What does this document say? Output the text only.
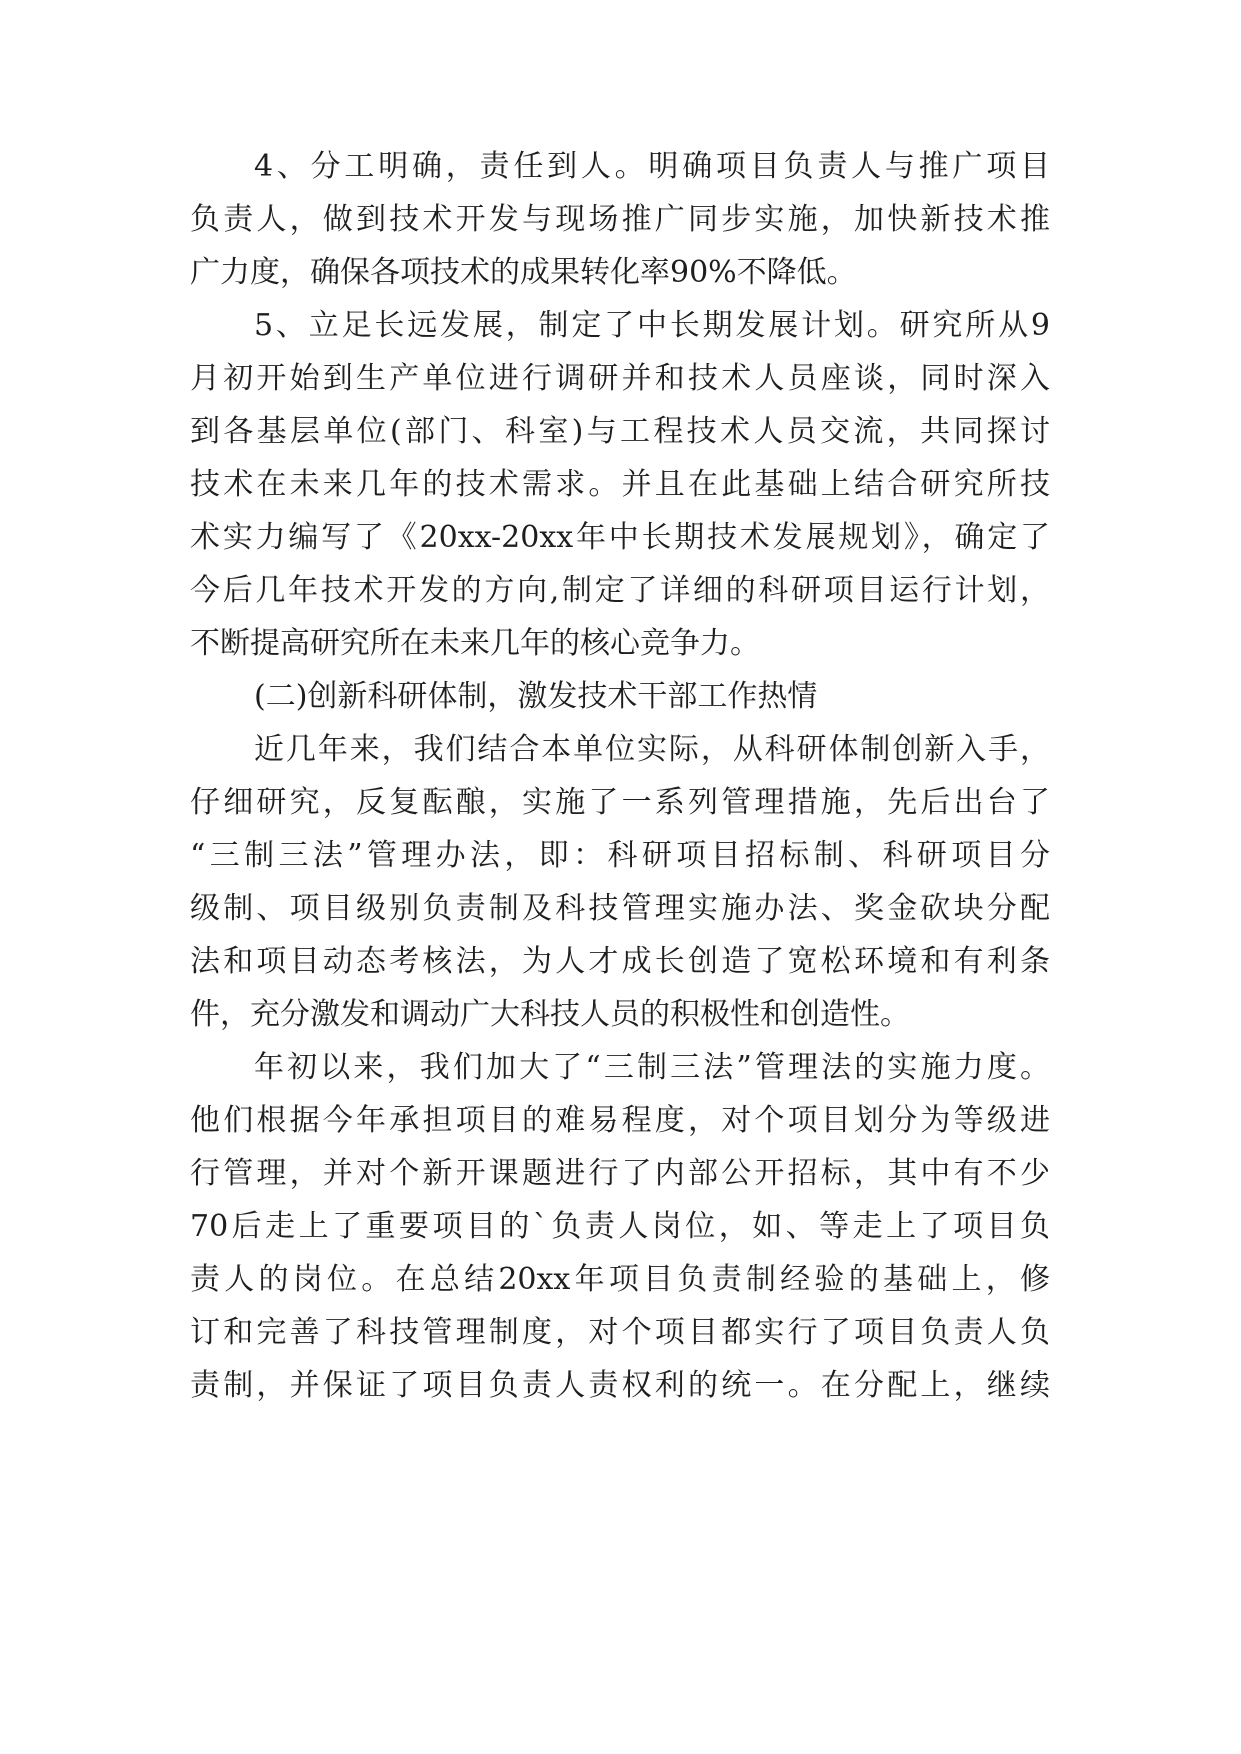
4、分工明确，责任到人。明确项目负责人与推广项目
负责人，做到技术开发与现场推广同步实施，加快新技术推
广力度，确保各项技术的成果转化率90%不降低。
5、立足长远发展，制定了中长期发展计划。研究所从9
月初开始到生产单位进行调研并和技术人员座谈，同时深入
到各基层单位(部门、科室)与工程技术人员交流，共同探讨
技术在未来几年的技术需求。并且在此基础上结合研究所技
术实力编写了《20xx-20xx年中长期技术发展规划》，确定了
今后几年技术开发的方向,制定了详细的科研项目运行计划，
不断提高研究所在未来几年的核心竞争力。
(二)创新科研体制，激发技术干部工作热情
近几年来，我们结合本单位实际，从科研体制创新入手，
仔细研究，反复酝酿，实施了一系列管理措施，先后出台了
“三制三法”管理办法，即：科研项目招标制、科研项目分
级制、项目级别负责制及科技管理实施办法、奖金砍块分配
法和项目动态考核法，为人才成长创造了宽松环境和有利条
件，充分激发和调动广大科技人员的积极性和创造性。
年初以来，我们加大了“三制三法”管理法的实施力度。
他们根据今年承担项目的难易程度，对个项目划分为等级进
行管理，并对个新开课题进行了内部公开招标，其中有不少
70后走上了重要项目的`负责人岗位，如、等走上了项目负
责人的岗位。在总结20xx年项目负责制经验的基础上，修
订和完善了科技管理制度，对个项目都实行了项目负责人负
责制，并保证了项目负责人责权利的统一。在分配上，继续
